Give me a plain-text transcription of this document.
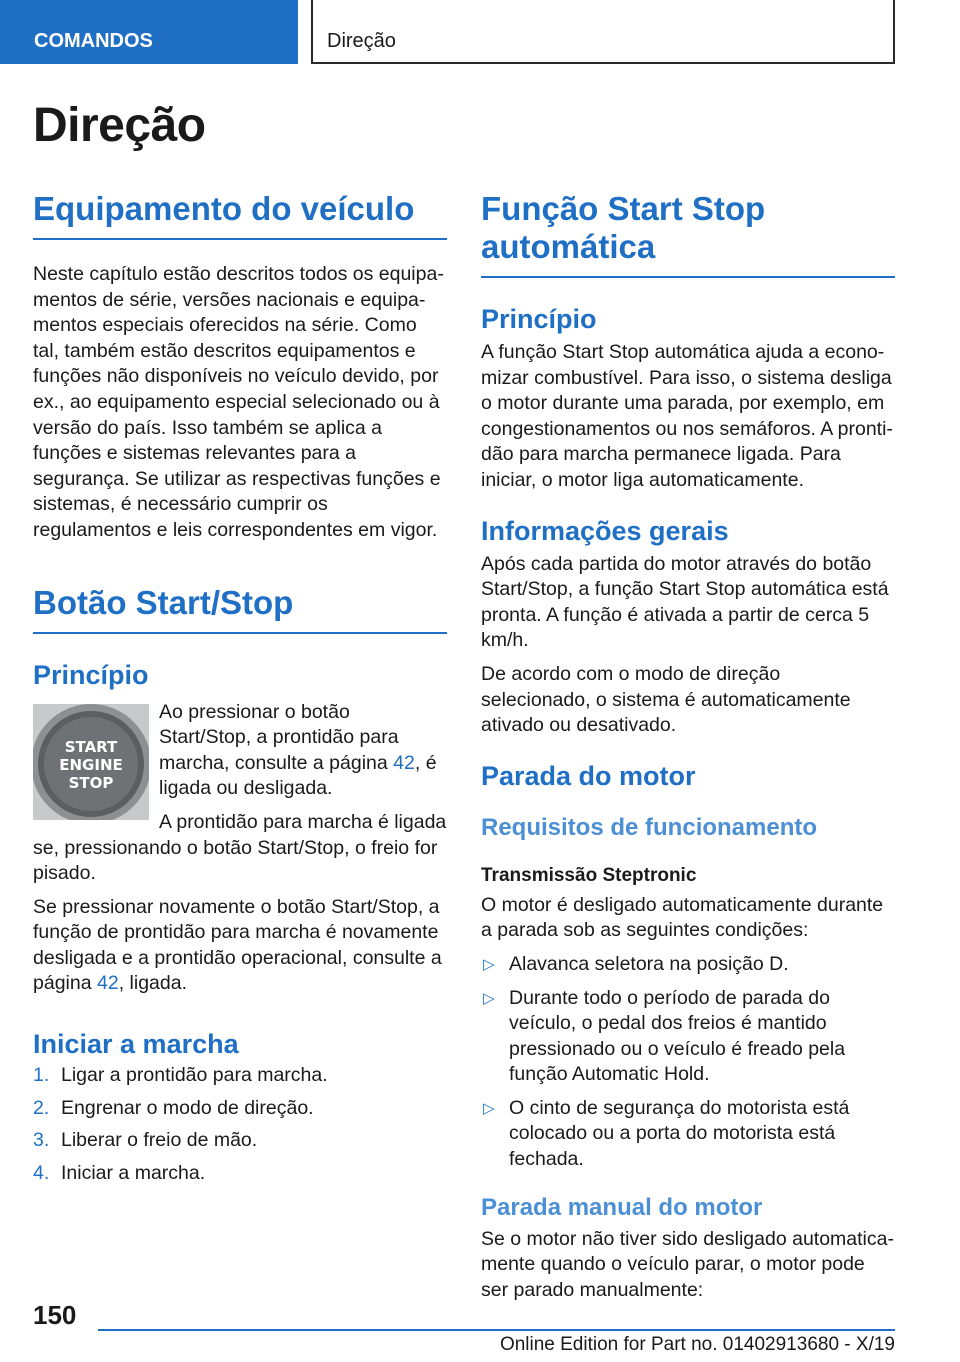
COMANDOS	Direção
Direção
Equipamento do veículo

Neste capítulo estão descritos todos os equipamentos de série, versões nacionais e equipamentos especiais oferecidos na série. Como tal, também estão descritos equipamentos e funções não disponíveis no veículo devido, por ex., ao equipamento especial selecionado ou à versão do país. Isso também se aplica a funções e sistemas relevantes para a segurança. Se utilizar as respectivas funções e sistemas, é necessário cumprir os regulamentos e leis correspondentes em vigor.

Botão Start/Stop
Princípio
START
ENGINE
STOP

Ao pressionar o botão Start/Stop, a prontidão para marcha, consulte a página 42, é ligada ou desligada.

A prontidão para marcha é ligada se, pressionando o botão Start/Stop, o freio for pisado.

Se pressionar novamente o botão Start/Stop, a função de prontidão para marcha é novamente desligada e a prontidão operacional, consulte a página 42, ligada.

Iniciar a marcha
1. Ligar a prontidão para marcha.
2. Engrenar o modo de direção.
3. Liberar o freio de mão.
4. Iniciar a marcha.
Função Start Stop automática
Princípio

A função Start Stop automática ajuda a economizar combustível. Para isso, o sistema desliga o motor durante uma parada, por exemplo, em congestionamentos ou nos semáforos. A prontidão para marcha permanece ligada. Para iniciar, o motor liga automaticamente.

Informações gerais

Após cada partida do motor através do botão Start/Stop, a função Start Stop automática está pronta. A função é ativada a partir de cerca 5 km/h.

De acordo com o modo de direção selecionado, o sistema é automaticamente ativado ou desativado.

Parada do motor
Requisitos de funcionamento
Transmissão Steptronic

O motor é desligado automaticamente durante a parada sob as seguintes condições:

▷ Alavanca seletora na posição D.
▷ Durante todo o período de parada do veículo, o pedal dos freios é mantido pressionado ou o veículo é freado pela função Automatic Hold.
▷ O cinto de segurança do motorista está colocado ou a porta do motorista está fechada.
Parada manual do motor

Se o motor não tiver sido desligado automaticamente quando o veículo parar, o motor pode ser parado manualmente:

150
Online Edition for Part no. 01402913680 - X/19
